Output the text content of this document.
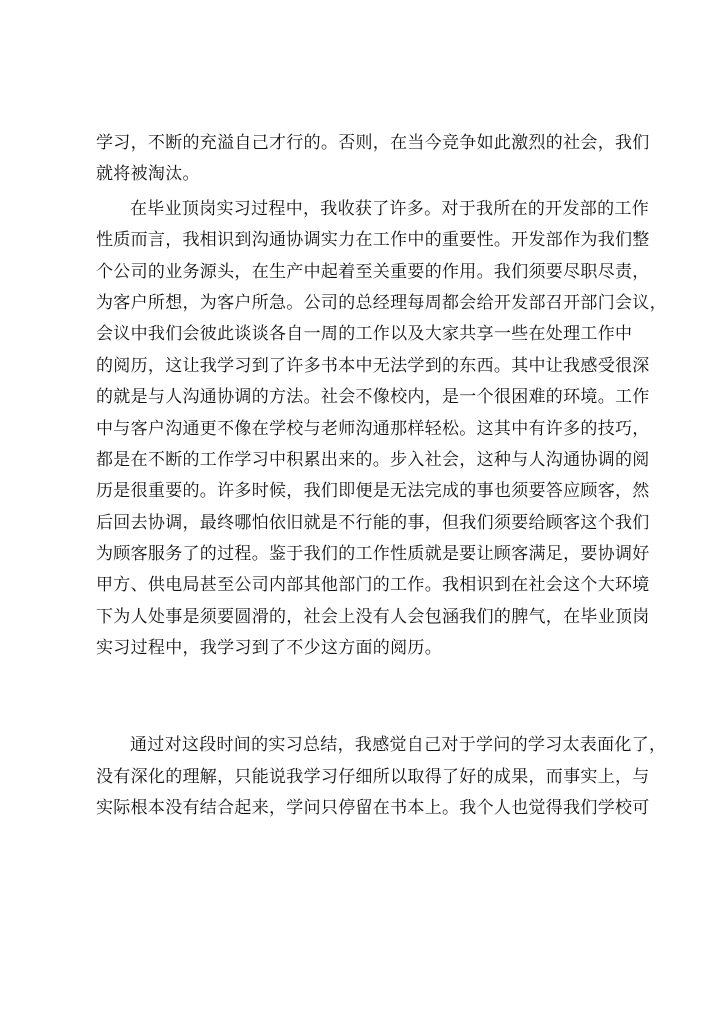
学习，不断的充溢自己才行的。否则，在当今竞争如此激烈的社会，我们
就将被淘汰。
在毕业顶岗实习过程中，我收获了许多。对于我所在的开发部的工作
性质而言，我相识到沟通协调实力在工作中的重要性。开发部作为我们整
个公司的业务源头，在生产中起着至关重要的作用。我们须要尽职尽责，
为客户所想，为客户所急。公司的总经理每周都会给开发部召开部门会议，
会议中我们会彼此谈谈各自一周的工作以及大家共享一些在处理工作中
的阅历，这让我学习到了许多书本中无法学到的东西。其中让我感受很深
的就是与人沟通协调的方法。社会不像校内，是一个很困难的环境。工作
中与客户沟通更不像在学校与老师沟通那样轻松。这其中有许多的技巧，
都是在不断的工作学习中积累出来的。步入社会，这种与人沟通协调的阅
历是很重要的。许多时候，我们即便是无法完成的事也须要答应顾客，然
后回去协调，最终哪怕依旧就是不行能的事，但我们须要给顾客这个我们
为顾客服务了的过程。鉴于我们的工作性质就是要让顾客满足，要协调好
甲方、供电局甚至公司内部其他部门的工作。我相识到在社会这个大环境
下为人处事是须要圆滑的，社会上没有人会包涵我们的脾气，在毕业顶岗
实习过程中，我学习到了不少这方面的阅历。
通过对这段时间的实习总结，我感觉自己对于学问的学习太表面化了，
没有深化的理解，只能说我学习仔细所以取得了好的成果，而事实上，与
实际根本没有结合起来，学问只停留在书本上。我个人也觉得我们学校可
